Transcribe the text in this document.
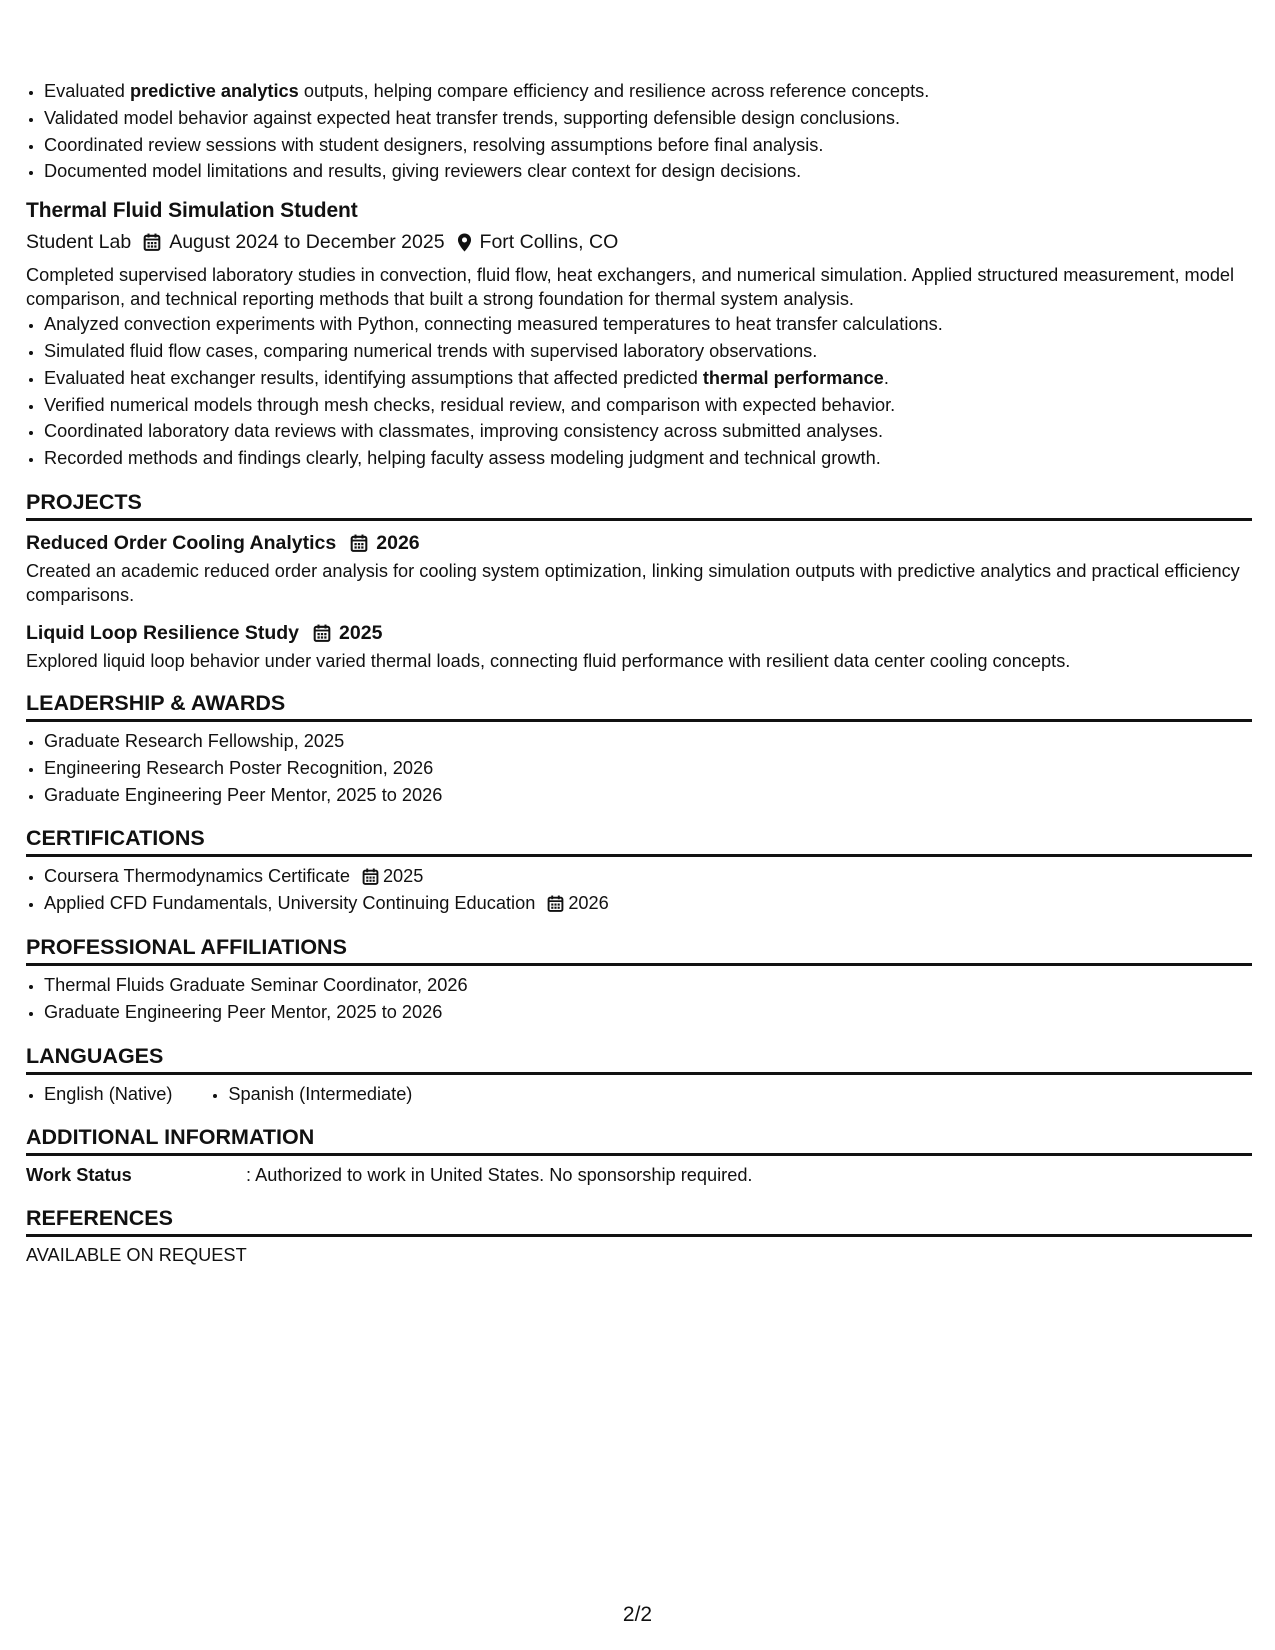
• Evaluated predictive analytics outputs, helping compare efficiency and resilience across reference concepts.
• Validated model behavior against expected heat transfer trends, supporting defensible design conclusions.
• Coordinated review sessions with student designers, resolving assumptions before final analysis.
• Documented model limitations and results, giving reviewers clear context for design decisions.
Thermal Fluid Simulation Student
Student Lab August 2024 to December 2025 Fort Collins, CO
Completed supervised laboratory studies in convection, fluid flow, heat exchangers, and numerical simulation. Applied structured measurement, model comparison, and technical reporting methods that built a strong foundation for thermal system analysis.
• Analyzed convection experiments with Python, connecting measured temperatures to heat transfer calculations.
• Simulated fluid flow cases, comparing numerical trends with supervised laboratory observations.
• Evaluated heat exchanger results, identifying assumptions that affected predicted thermal performance.
• Verified numerical models through mesh checks, residual review, and comparison with expected behavior.
• Coordinated laboratory data reviews with classmates, improving consistency across submitted analyses.
• Recorded methods and findings clearly, helping faculty assess modeling judgment and technical growth.
PROJECTS
Reduced Order Cooling Analytics 2026
Created an academic reduced order analysis for cooling system optimization, linking simulation outputs with predictive analytics and practical efficiency comparisons.
Liquid Loop Resilience Study 2025
Explored liquid loop behavior under varied thermal loads, connecting fluid performance with resilient data center cooling concepts.
LEADERSHIP & AWARDS
• Graduate Research Fellowship, 2025
• Engineering Research Poster Recognition, 2026
• Graduate Engineering Peer Mentor, 2025 to 2026
CERTIFICATIONS
• Coursera Thermodynamics Certificate 2025
• Applied CFD Fundamentals, University Continuing Education 2026
PROFESSIONAL AFFILIATIONS
• Thermal Fluids Graduate Seminar Coordinator, 2026
• Graduate Engineering Peer Mentor, 2025 to 2026
LANGUAGES
• English (Native)
•	Spanish (Intermediate)
ADDITIONAL INFORMATION
Work Status	: Authorized to work in United States. No sponsorship required.
REFERENCES
AVAILABLE ON REQUEST
2/2
